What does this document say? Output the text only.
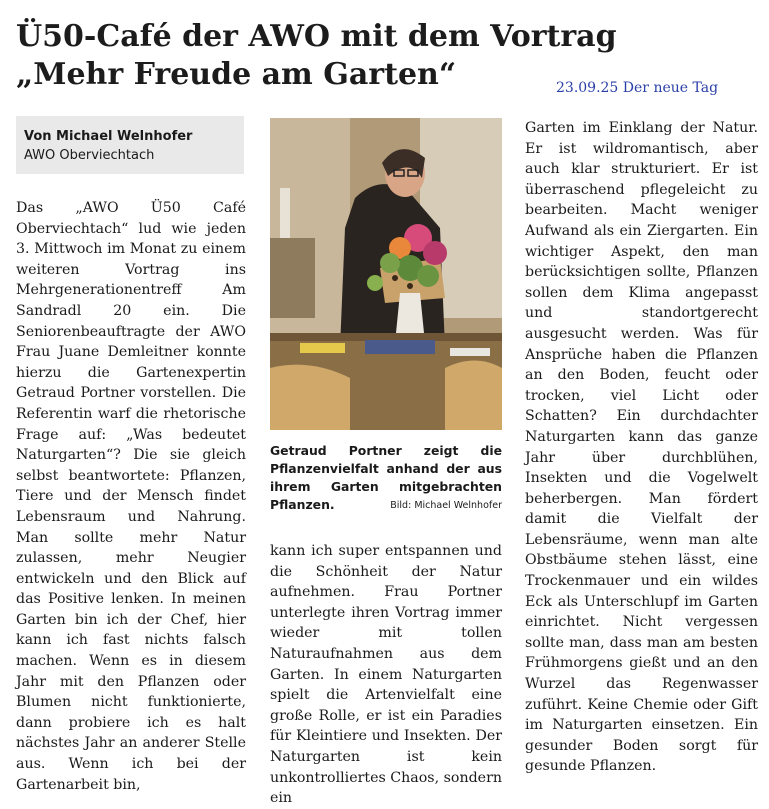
Ü50-Café der AWO mit dem Vortrag
„Mehr Freude am Garten“	23.09.25 Der neue Tag
Von Michael Welnhofer
AWO Oberviechtach

Das „AWO Ü50 Café Oberviechtach“ lud wie jeden 3. Mittwoch im Monat zu einem weiteren Vortrag ins Mehrgenerationentreff Am Sandradl 20 ein. Die Seniorenbeauftragte der AWO Frau Juane Demleitner konnte hierzu die Gartenexpertin Getraud Portner vorstellen. Die Referentin warf die rhetorische Frage auf: „Was bedeutet Naturgarten“? Die sie gleich selbst beantwortete: Pflanzen, Tiere und der Mensch findet Lebensraum und Nahrung. Man sollte mehr Natur zulassen, mehr Neugier entwickeln und den Blick auf das Positive lenken. In meinen Garten bin ich der Chef, hier kann ich fast nichts falsch machen. Wenn es in diesem Jahr mit den Pflanzen oder Blumen nicht funktionierte, dann probiere ich es halt nächstes Jahr an anderer Stelle aus. Wenn ich bei der Gartenarbeit bin,

Getraud Portner zeigt die Pflanzenvielfalt anhand der aus ihrem Garten mitgebrachten Pflanzen.	Bild: Michael Welnhofer

kann ich super entspannen und die Schönheit der Natur aufnehmen. Frau Portner unterlegte ihren Vortrag immer wieder mit tollen Naturaufnahmen aus dem Garten. In einem Naturgarten spielt die Artenvielfalt eine große Rolle, er ist ein Paradies für Kleintiere und Insekten. Der Naturgarten ist kein unkontrolliertes Chaos, sondern ein

Garten im Einklang der Natur. Er ist wildromantisch, aber auch klar strukturiert. Er ist überraschend pflegeleicht zu bearbeiten. Macht weniger Aufwand als ein Ziergarten. Ein wichtiger Aspekt, den man berücksichtigen sollte, Pflanzen sollen dem Klima angepasst und standortgerecht ausgesucht werden. Was für Ansprüche haben die Pflanzen an den Boden, feucht oder trocken, viel Licht oder Schatten? Ein durchdachter Naturgarten kann das ganze Jahr über durchblühen, Insekten und die Vogelwelt beherbergen. Man fördert damit die Vielfalt der Lebensräume, wenn man alte Obstbäume stehen lässt, eine Trockenmauer und ein wildes Eck als Unterschlupf im Garten einrichtet. Nicht vergessen sollte man, dass man am besten Frühmorgens gießt und an den Wurzel das Regenwasser zuführt. Keine Chemie oder Gift im Naturgarten einsetzen. Ein gesunder Boden sorgt für gesunde Pflanzen.
